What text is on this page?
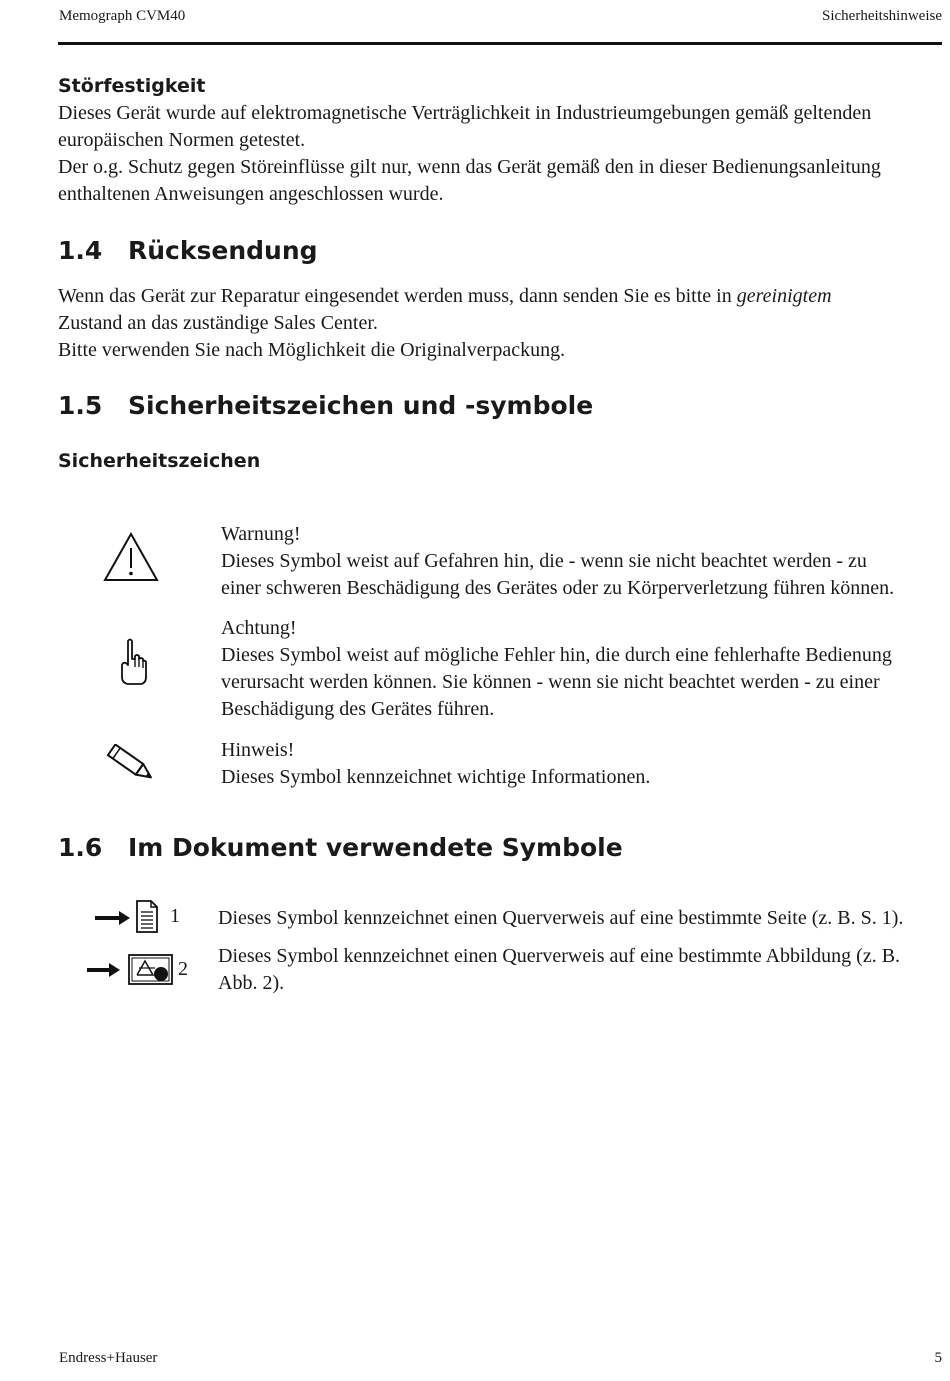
Memograph CVM40	Sicherheitshinweise
Störfestigkeit

Dieses Gerät wurde auf elektromagnetische Verträglichkeit in Industrieumgebungen gemäß geltenden

europäischen Normen getestet.

Der o.g. Schutz gegen Störeinflüsse gilt nur, wenn das Gerät gemäß den in dieser Bedienungsanleitung

enthaltenen Anweisungen angeschlossen wurde.

1.4 Rücksendung

Wenn das Gerät zur Reparatur eingesendet werden muss, dann senden Sie es bitte in gereinigtem

Zustand an das zuständige Sales Center.

Bitte verwenden Sie nach Möglichkeit die Originalverpackung.

1.5 Sicherheitszeichen und -symbole
Sicherheitszeichen

Warnung!

Dieses Symbol weist auf Gefahren hin, die - wenn sie nicht beachtet werden - zu

einer schweren Beschädigung des Gerätes oder zu Körperverletzung führen können.

Achtung!

Dieses Symbol weist auf mögliche Fehler hin, die durch eine fehlerhafte Bedienung

verursacht werden können. Sie können - wenn sie nicht beachtet werden - zu einer

Beschädigung des Gerätes führen.

Hinweis!

Dieses Symbol kennzeichnet wichtige Informationen.

1.6 Im Dokument verwendete Symbole
1 Dieses Symbol kennzeichnet einen Querverweis auf eine bestimmte Seite (z. B. S. 1).

2

Dieses Symbol kennzeichnet einen Querverweis auf eine bestimmte Abbildung (z. B.

Abb. 2).

Endress+Hauser	5
